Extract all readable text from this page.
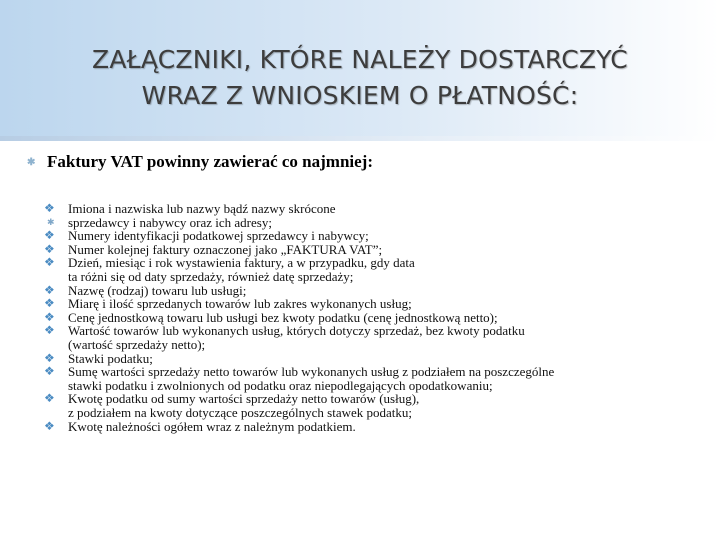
ZAŁĄCZNIKI, KTÓRE NALEŻY DOSTARCZYĆ
WRAZ Z WNIOSKIEM O PŁATNOŚĆ:
✱ Faktury VAT powinny zawierać co najmniej:
❖	Imiona i nazwiska lub nazwy bądź nazwy skrócone
✱	sprzedawcy i nabywcy oraz ich adresy;
❖	Numery identyfikacji podatkowej sprzedawcy i nabywcy;
❖	Numer kolejnej faktury oznaczonej jako „FAKTURA VAT”;
❖	Dzień, miesiąc i rok wystawienia faktury, a w przypadku, gdy data
ta różni się od daty sprzedaży, również datę sprzedaży;
❖	Nazwę (rodzaj) towaru lub usługi;
❖	Miarę i ilość sprzedanych towarów lub zakres wykonanych usług;
❖	Cenę jednostkową towaru lub usługi bez kwoty podatku (cenę jednostkową netto);
❖	Wartość towarów lub wykonanych usług, których dotyczy sprzedaż, bez kwoty podatku
(wartość sprzedaży netto);
❖	Stawki podatku;
❖	Sumę wartości sprzedaży netto towarów lub wykonanych usług z podziałem na poszczególne
stawki podatku i zwolnionych od podatku oraz niepodlegających opodatkowaniu;
❖	Kwotę podatku od sumy wartości sprzedaży netto towarów (usług),
z podziałem na kwoty dotyczące poszczególnych stawek podatku;
❖	Kwotę należności ogółem wraz z należnym podatkiem.
